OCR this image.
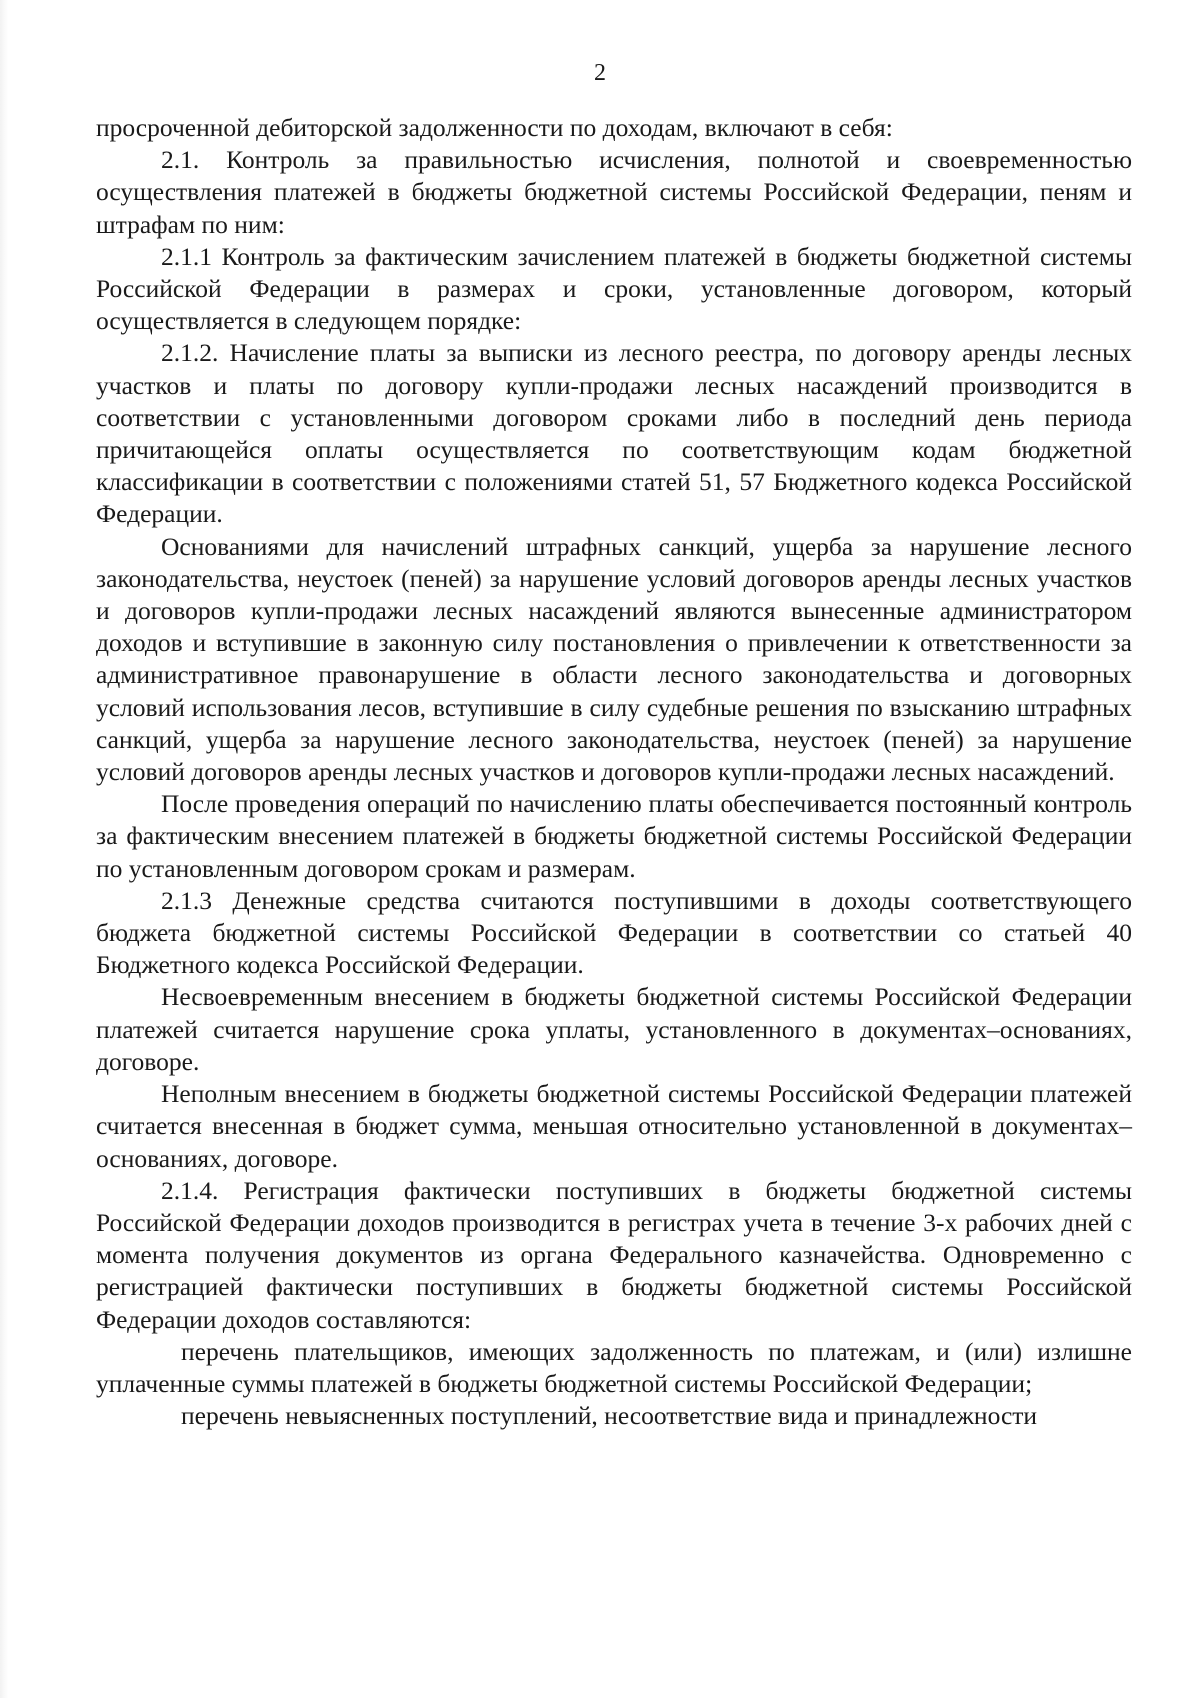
2

просроченной дебиторской задолженности по доходам, включают в себя:

2.1. Контроль за правильностью исчисления, полнотой и своевременностью осуществления платежей в бюджеты бюджетной системы Российской Федерации, пеням и штрафам по ним:

2.1.1 Контроль за фактическим зачислением платежей в бюджеты бюджетной системы Российской Федерации в размерах и сроки, установленные договором, который осуществляется в следующем порядке:

2.1.2. Начисление платы за выписки из лесного реестра, по договору аренды лесных участков и платы по договору купли-продажи лесных насаждений производится в соответствии с установленными договором сроками либо в последний день периода причитающейся оплаты осуществляется по соответствующим кодам бюджетной классификации в соответствии с положениями статей 51, 57 Бюджетного кодекса Российской Федерации.

Основаниями для начислений штрафных санкций, ущерба за нарушение лесного законодательства, неустоек (пеней) за нарушение условий договоров аренды лесных участков и договоров купли-продажи лесных насаждений являются вынесенные администратором доходов и вступившие в законную силу постановления о привлечении к ответственности за административное правонарушение в области лесного законодательства и договорных условий использования лесов, вступившие в силу судебные решения по взысканию штрафных санкций, ущерба за нарушение лесного законодательства, неустоек (пеней) за нарушение условий договоров аренды лесных участков и договоров купли-продажи лесных насаждений.

После проведения операций по начислению платы обеспечивается постоянный контроль за фактическим внесением платежей в бюджеты бюджетной системы Российской Федерации по установленным договором срокам и размерам.

2.1.3 Денежные средства считаются поступившими в доходы соответствующего бюджета бюджетной системы Российской Федерации в соответствии со статьей 40 Бюджетного кодекса Российской Федерации.

Несвоевременным внесением в бюджеты бюджетной системы Российской Федерации платежей считается нарушение срока уплаты, установленного в документах–основаниях, договоре.

Неполным внесением в бюджеты бюджетной системы Российской Федерации платежей считается внесенная в бюджет сумма, меньшая относительно установленной в документах–основаниях, договоре.

2.1.4. Регистрация фактически поступивших в бюджеты бюджетной системы Российской Федерации доходов производится в регистрах учета в течение 3-х рабочих дней с момента получения документов из органа Федерального казначейства. Одновременно с регистрацией фактически поступивших в бюджеты бюджетной системы Российской Федерации доходов составляются:

перечень плательщиков, имеющих задолженность по платежам, и (или) излишне уплаченные суммы платежей в бюджеты бюджетной системы Российской Федерации;

перечень невыясненных поступлений, несоответствие вида и принадлежности
